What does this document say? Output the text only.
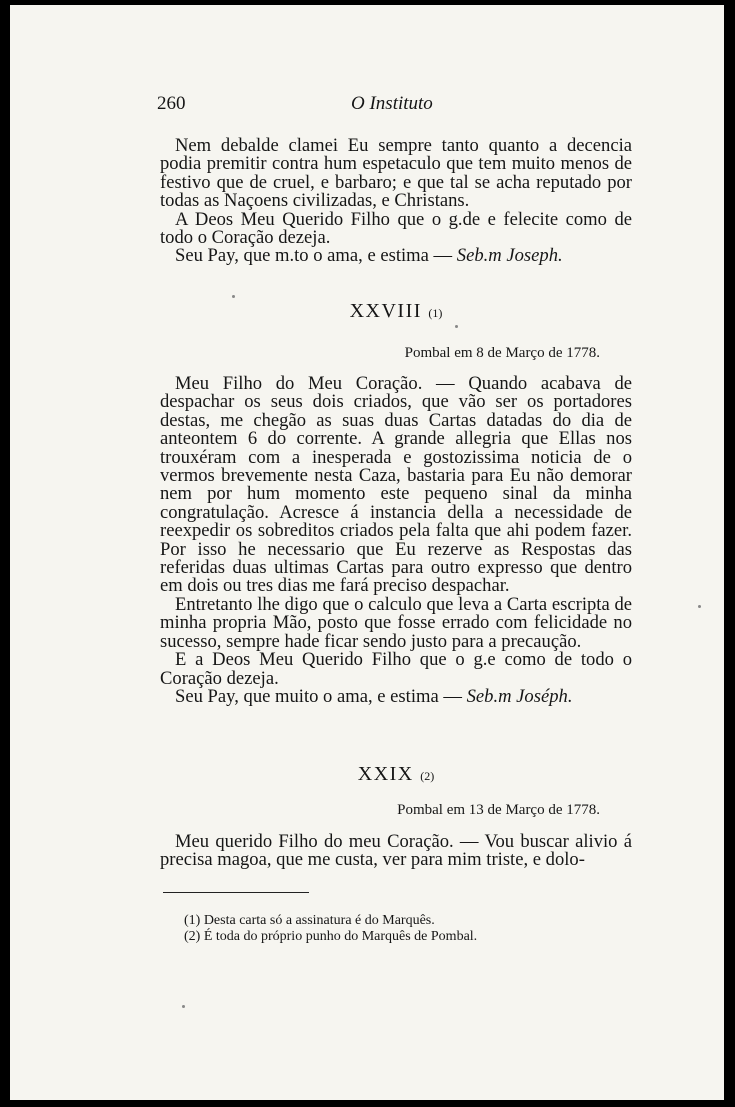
260	O Instituto

Nem debalde clamei Eu sempre tanto quanto a decencia podia premitir contra hum espetaculo que tem muito menos de festivo que de cruel, e barbaro; e que tal se acha reputado por todas as Naçoens civilizadas, e Christans.

A Deos Meu Querido Filho que o g.de e felecite como de todo o Coração dezeja.

Seu Pay, que m.to o ama, e estima — Seb.m Joseph.

XXVIII (1)
Pombal em 8 de Março de 1778.

Meu Filho do Meu Coração. — Quando acabava de despachar os seus dois criados, que vão ser os portadores destas, me chegão as suas duas Cartas datadas do dia de anteontem 6 do corrente. A grande allegria que Ellas nos trouxéram com a inesperada e gostozissima noticia de o vermos brevemente nesta Caza, bastaria para Eu não demorar nem por hum momento este pequeno sinal da minha congratulação. Acresce á instancia della a necessidade de reexpedir os sobreditos criados pela falta que ahi podem fazer. Por isso he necessario que Eu rezerve as Respostas das referidas duas ultimas Cartas para outro expresso que dentro em dois ou tres dias me fará preciso despachar.

Entretanto lhe digo que o calculo que leva a Carta escripta de minha propria Mão, posto que fosse errado com felicidade no sucesso, sempre hade ficar sendo justo para a precaução.

E a Deos Meu Querido Filho que o g.e como de todo o Coração dezeja.

Seu Pay, que muito o ama, e estima — Seb.m Joséph.

XXIX (2)
Pombal em 13 de Março de 1778.

Meu querido Filho do meu Coração. — Vou buscar alivio á precisa magoa, que me custa, ver para mim triste, e dolo-

(1) Desta carta só a assinatura é do Marquês.
(2) É toda do próprio punho do Marquês de Pombal.
